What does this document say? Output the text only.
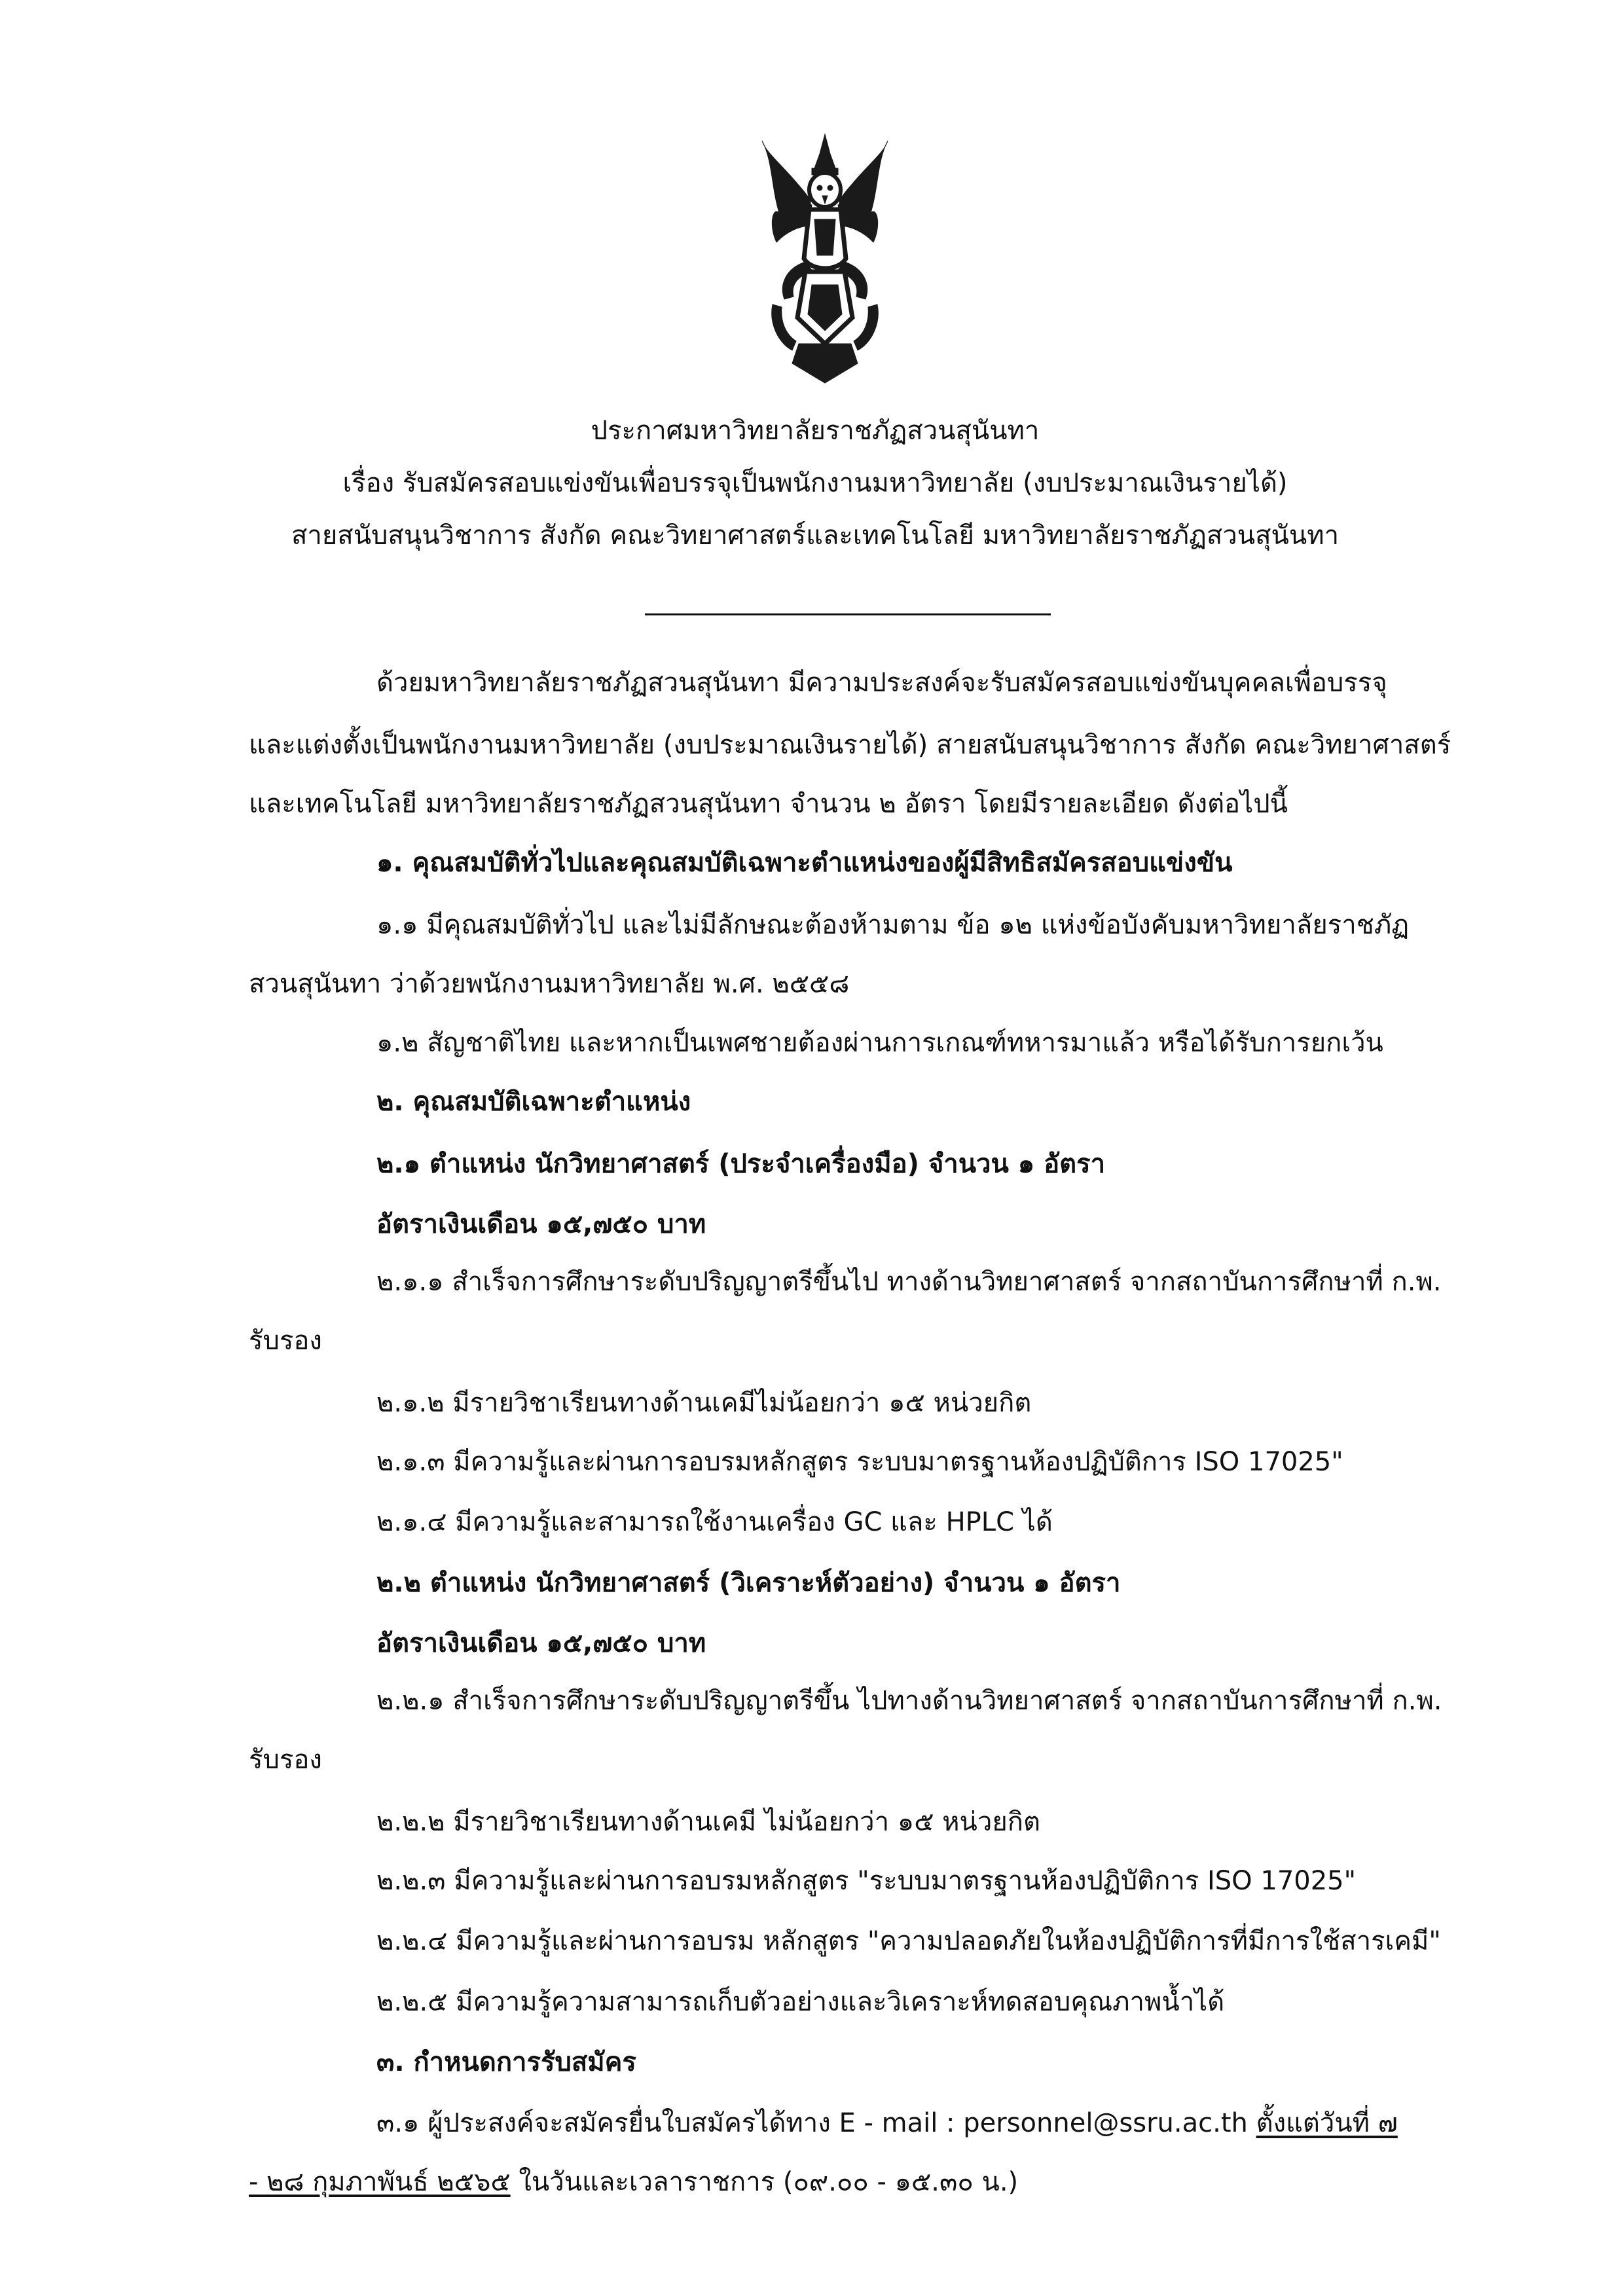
ประกาศมหาวิทยาลัยราชภัฏสวนสุนันทา
เรื่อง รับสมัครสอบแข่งขันเพื่อบรรจุเป็นพนักงานมหาวิทยาลัย (งบประมาณเงินรายได้)
สายสนับสนุนวิชาการ สังกัด คณะวิทยาศาสตร์และเทคโนโลยี มหาวิทยาลัยราชภัฏสวนสุนันทา
ด้วยมหาวิทยาลัยราชภัฏสวนสุนันทา มีความประสงค์จะรับสมัครสอบแข่งขันบุคคลเพื่อบรรจุ
และแต่งตั้งเป็นพนักงานมหาวิทยาลัย (งบประมาณเงินรายได้) สายสนับสนุนวิชาการ สังกัด คณะวิทยาศาสตร์
และเทคโนโลยี มหาวิทยาลัยราชภัฏสวนสุนันทา จำนวน ๒ อัตรา โดยมีรายละเอียด ดังต่อไปนี้
๑. คุณสมบัติทั่วไปและคุณสมบัติเฉพาะตำแหน่งของผู้มีสิทธิสมัครสอบแข่งขัน
๑.๑ มีคุณสมบัติทั่วไป และไม่มีลักษณะต้องห้ามตาม ข้อ ๑๒ แห่งข้อบังคับมหาวิทยาลัยราชภัฏ
สวนสุนันทา ว่าด้วยพนักงานมหาวิทยาลัย พ.ศ. ๒๕๕๘
๑.๒ สัญชาติไทย และหากเป็นเพศชายต้องผ่านการเกณฑ์ทหารมาแล้ว หรือได้รับการยกเว้น
๒. คุณสมบัติเฉพาะตำแหน่ง
๒.๑ ตำแหน่ง นักวิทยาศาสตร์ (ประจำเครื่องมือ) จำนวน ๑ อัตรา
อัตราเงินเดือน ๑๕,๗๕๐ บาท
๒.๑.๑ สำเร็จการศึกษาระดับปริญญาตรีขึ้นไป ทางด้านวิทยาศาสตร์ จากสถาบันการศึกษาที่ ก.พ.
รับรอง
๒.๑.๒ มีรายวิชาเรียนทางด้านเคมีไม่น้อยกว่า ๑๕ หน่วยกิต
๒.๑.๓ มีความรู้และผ่านการอบรมหลักสูตร ระบบมาตรฐานห้องปฏิบัติการ ISO 17025"
๒.๑.๔ มีความรู้และสามารถใช้งานเครื่อง GC และ HPLC ได้
๒.๒ ตำแหน่ง นักวิทยาศาสตร์ (วิเคราะห์ตัวอย่าง) จำนวน ๑ อัตรา
อัตราเงินเดือน ๑๕,๗๕๐ บาท
๒.๒.๑ สำเร็จการศึกษาระดับปริญญาตรีขึ้น ไปทางด้านวิทยาศาสตร์ จากสถาบันการศึกษาที่ ก.พ.
รับรอง
๒.๒.๒ มีรายวิชาเรียนทางด้านเคมี ไม่น้อยกว่า ๑๕ หน่วยกิต
๒.๒.๓ มีความรู้และผ่านการอบรมหลักสูตร "ระบบมาตรฐานห้องปฏิบัติการ ISO 17025"
๒.๒.๔ มีความรู้และผ่านการอบรม หลักสูตร "ความปลอดภัยในห้องปฏิบัติการที่มีการใช้สารเคมี"
๒.๒.๕ มีความรู้ความสามารถเก็บตัวอย่างและวิเคราะห์ทดสอบคุณภาพน้ำได้
๓. กำหนดการรับสมัคร
๓.๑ ผู้ประสงค์จะสมัครยื่นใบสมัครได้ทาง E - mail : personnel@ssru.ac.th ตั้งแต่วันที่ ๗
- ๒๘ กุมภาพันธ์ ๒๕๖๕ ในวันและเวลาราชการ (๐๙.๐๐ - ๑๕.๓๐ น.)
